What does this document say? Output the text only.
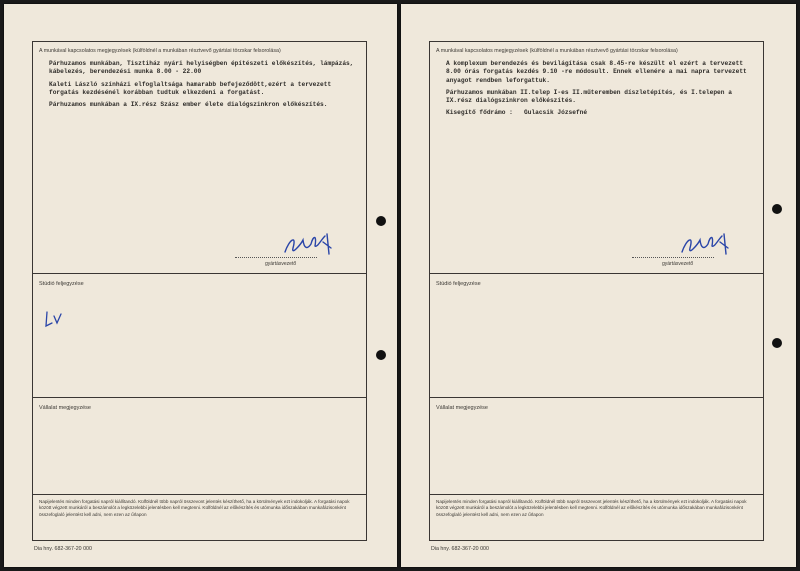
A munkával kapcsolatos megjegyzések (külföldnél a munkában résztvevő gyártási törzskar felsorolása)

Párhuzamos munkában, Tisztiház nyári helyiségben építészeti előkészítés, lámpázás, kábelezés, berendezési munka 8.00 - 22.00

Kaleti László színházi elfoglaltsága hamarabb befejeződött,ezért a tervezett forgatás kezdésénél korábban tudtuk elkezdeni a forgatást.

Párhuzamos munkában a IX.rész Szász ember élete dialógszinkron előkészítés.

gyártásvezető
Stúdió feljegyzése
Vállalat megjegyzése
Napijelentés minden forgatási napról kiállítandó. Külföldnél több napról összevont jelentés készíthető, ha a körülmények ezt indokolják. A forgatási napok között végzett munkáról a beszámolót a legközelebbi jelentésben kell megtenni. Külföldnél az előkészítés és utómunka időszakában munkafázisonként összefoglaló jelentést kell adni, nem ezen az űrlapon
Dia hny. 682-367-20 000
A munkával kapcsolatos megjegyzések (külföldnél a munkában résztvevő gyártási törzskar felsorolása)

A komplexum berendezés és bevilágítása csak 8.45-re készült el ezért a tervezett 8.00 órás forgatás kezdés 9.10 -re módosult. Ennek ellenére a mai napra tervezett anyagot rendben leforgattuk.

Párhuzamos munkában II.telep I-es II.műteremben díszletépítés, és I.telepen a IX.rész dialógszinkron előkészítés.

Kisegítő fődrámo :   Gulacsik Józsefné

gyártásvezető
Stúdió feljegyzése
Vállalat megjegyzése
Napijelentés minden forgatási napról kiállítandó. Külföldnél több napról összevont jelentés készíthető, ha a körülmények ezt indokolják. A forgatási napok között végzett munkáról a beszámolót a legközelebbi jelentésben kell megtenni. Külföldnél az előkészítés és utómunka időszakában munkafázisonként összefoglaló jelentést kell adni, nem ezen az űrlapon
Dia hny. 682-367-20 000
